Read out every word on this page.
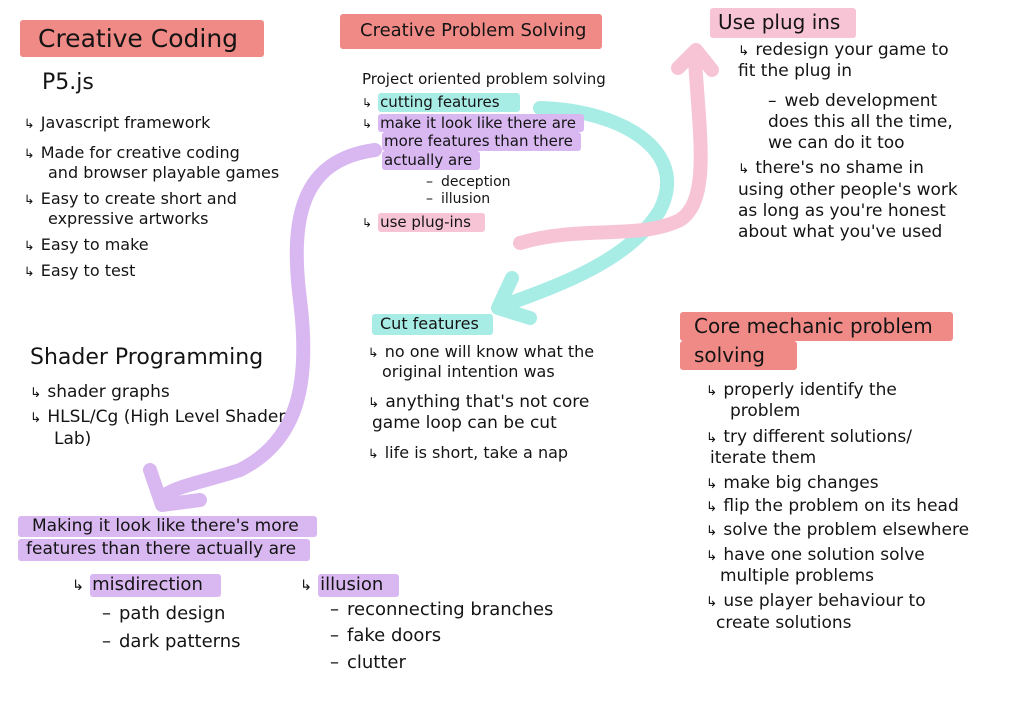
Creative Coding
P5.js
↳ Javascript framework
↳ Made for creative coding
and browser playable games
↳ Easy to create short and
expressive artworks
↳ Easy to make
↳ Easy to test
Shader Programming
↳ shader graphs
↳ HLSL/Cg (High Level Shader
Lab)
Creative Problem Solving
Project oriented problem solving
↳ cutting features
↳ make it look like there are
more features than there
actually are
– deception
– illusion
↳ use plug-ins
Use plug ins
↳ redesign your game to
fit the plug in
– web development
does this all the time,
we can do it too
↳ there's no shame in
using other people's work
as long as you're honest
about what you've used
Cut features
↳ no one will know what the
original intention was
↳ anything that's not core
game loop can be cut
↳ life is short, take a nap
Core mechanic problem
solving
↳ properly identify the
problem
↳ try different solutions/
iterate them
↳ make big changes
↳ flip the problem on its head
↳ solve the problem elsewhere
↳ have one solution solve
multiple problems
↳ use player behaviour to
create solutions
Making it look like there's more
features than there actually are
↳ misdirection
– path design
– dark patterns
↳ illusion
– reconnecting branches
– fake doors
– clutter
